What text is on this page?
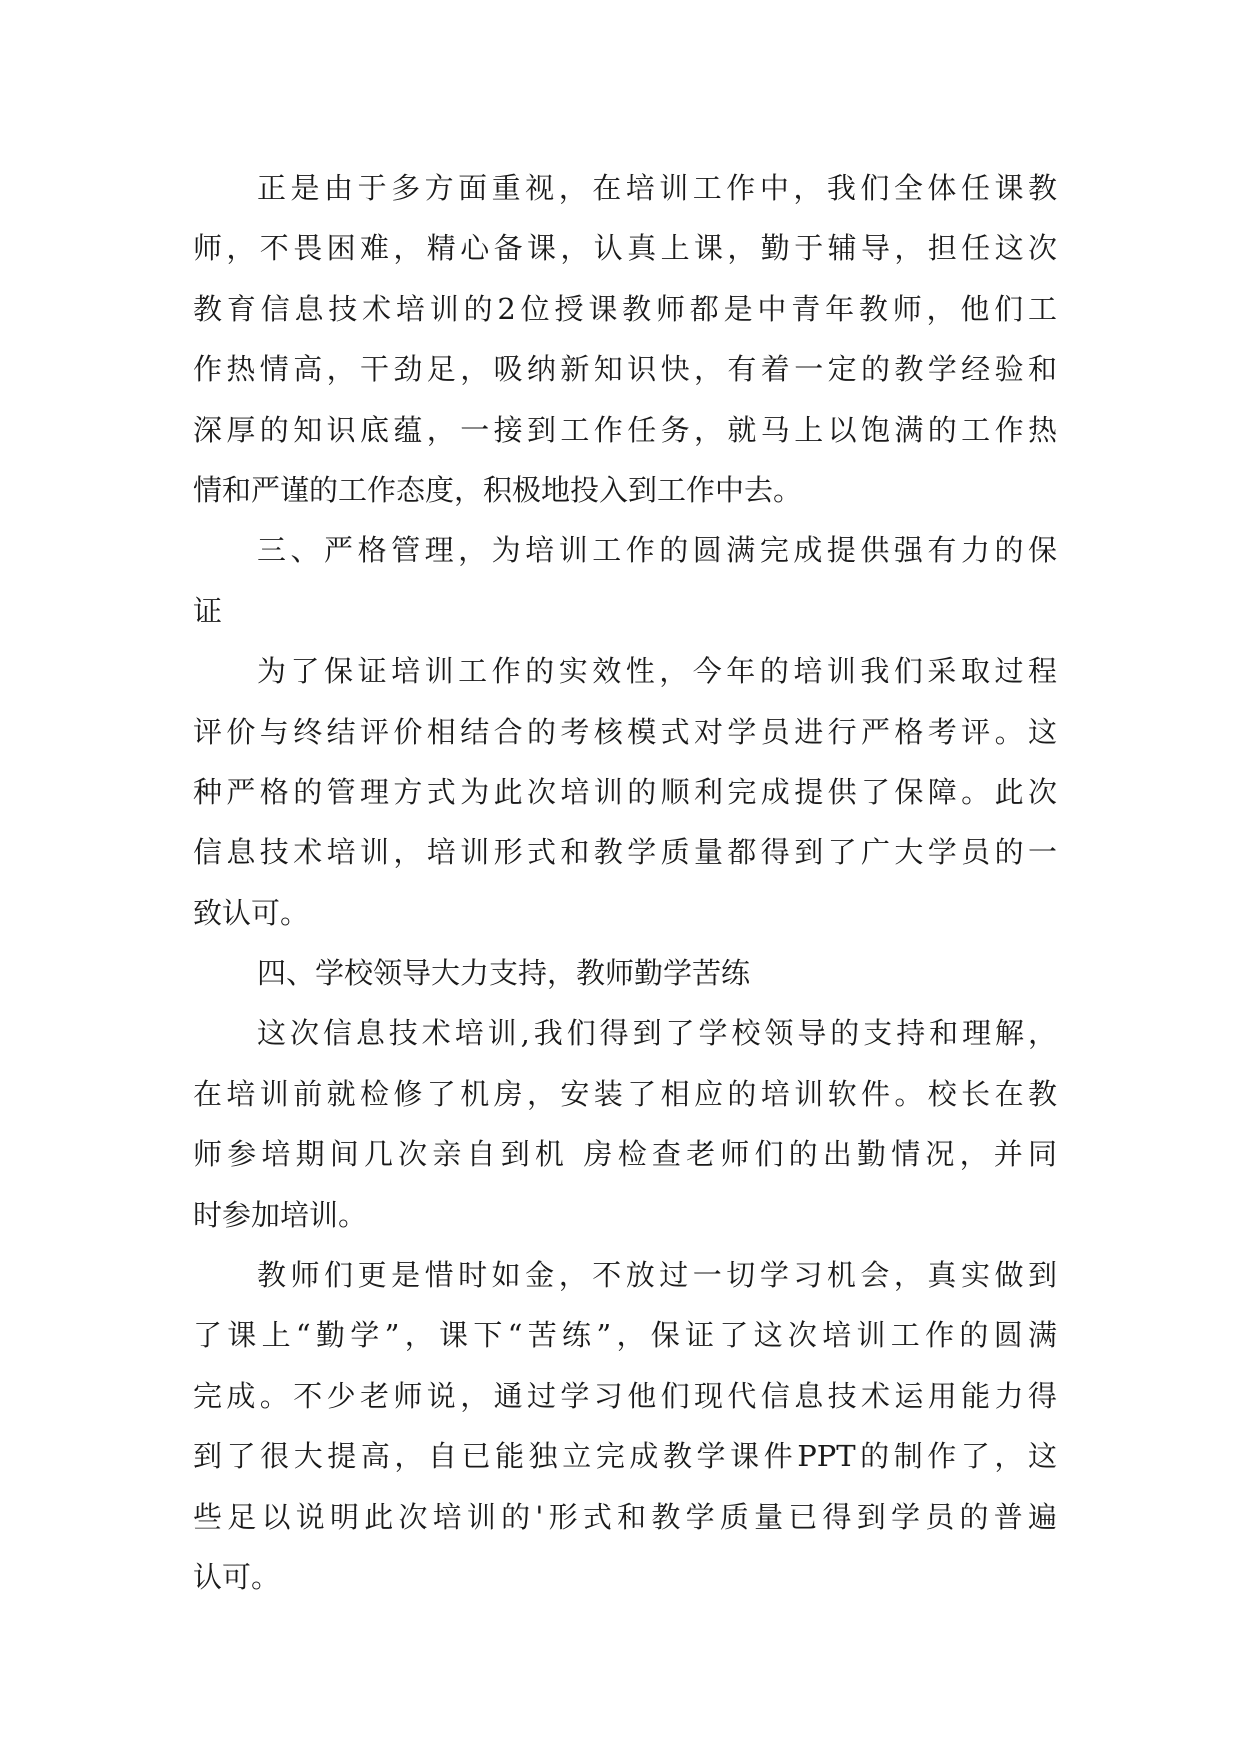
正是由于多方面重视，在培训工作中，我们全体任课教
师，不畏困难，精心备课，认真上课，勤于辅导，担任这次
教育信息技术培训的2位授课教师都是中青年教师，他们工
作热情高，干劲足，吸纳新知识快，有着一定的教学经验和
深厚的知识底蕴，一接到工作任务，就马上以饱满的工作热
情和严谨的工作态度，积极地投入到工作中去。
三、严格管理，为培训工作的圆满完成提供强有力的保
证
为了保证培训工作的实效性，今年的培训我们采取过程
评价与终结评价相结合的考核模式对学员进行严格考评。这
种严格的管理方式为此次培训的顺利完成提供了保障。此次
信息技术培训，培训形式和教学质量都得到了广大学员的一
致认可。
四、学校领导大力支持，教师勤学苦练
这次信息技术培训,我们得到了学校领导的支持和理解，
在培训前就检修了机房，安装了相应的培训软件。校长在教
师参培期间几次亲自到机 房检查老师们的出勤情况，并同
时参加培训。
教师们更是惜时如金，不放过一切学习机会，真实做到
了课上“勤学”，课下“苦练”，保证了这次培训工作的圆满
完成。不少老师说，通过学习他们现代信息技术运用能力得
到了很大提高，自已能独立完成教学课件PPT的制作了，这
些足以说明此次培训的'形式和教学质量已得到学员的普遍
认可。
